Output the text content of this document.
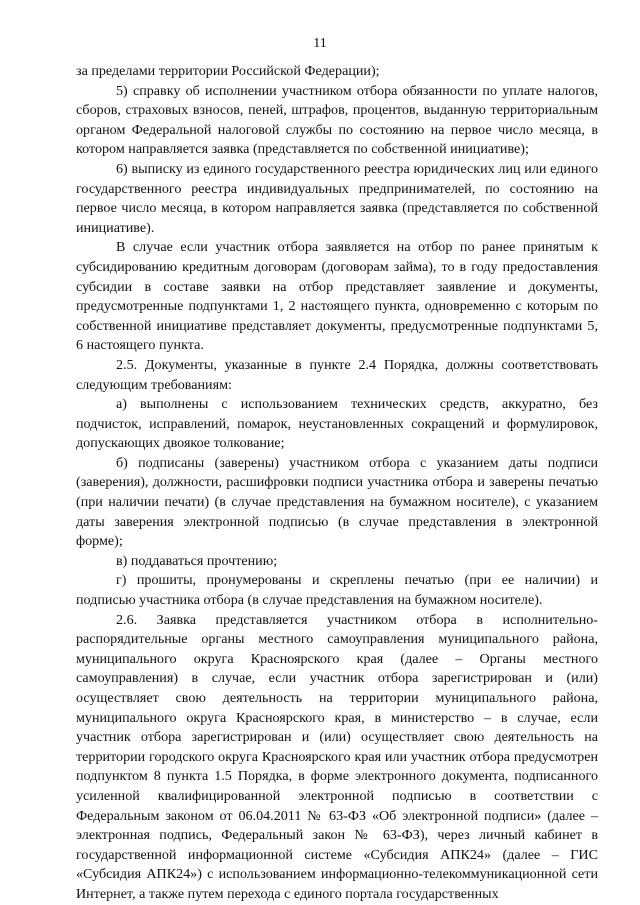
11

за пределами территории Российской Федерации);

5) справку об исполнении участником отбора обязанности по уплате налогов, сборов, страховых взносов, пеней, штрафов, процентов, выданную территориальным органом Федеральной налоговой службы по состоянию на первое число месяца, в котором направляется заявка (представляется по собственной инициативе);

6) выписку из единого государственного реестра юридических лиц или единого государственного реестра индивидуальных предпринимателей, по состоянию на первое число месяца, в котором направляется заявка (представляется по собственной инициативе).

В случае если участник отбора заявляется на отбор по ранее принятым к субсидированию кредитным договорам (договорам займа), то в году предоставления субсидии в составе заявки на отбор представляет заявление и документы, предусмотренные подпунктами 1, 2 настоящего пункта, одновременно с которым по собственной инициативе представляет документы, предусмотренные подпунктами 5, 6 настоящего пункта.

2.5. Документы, указанные в пункте 2.4 Порядка, должны соответствовать следующим требованиям:

а) выполнены с использованием технических средств, аккуратно, без подчисток, исправлений, помарок, неустановленных сокращений и формулировок, допускающих двоякое толкование;

б) подписаны (заверены) участником отбора с указанием даты подписи (заверения), должности, расшифровки подписи участника отбора и заверены печатью (при наличии печати) (в случае представления на бумажном носителе), с указанием даты заверения электронной подписью (в случае представления в электронной форме);

в) поддаваться прочтению;

г) прошиты, пронумерованы и скреплены печатью (при ее наличии) и подписью участника отбора (в случае представления на бумажном носителе).

2.6. Заявка представляется участником отбора в исполнительно-распорядительные органы местного самоуправления муниципального района, муниципального округа Красноярского края (далее – Органы местного самоуправления) в случае, если участник отбора зарегистрирован и (или) осуществляет свою деятельность на территории муниципального района, муниципального округа Красноярского края, в министерство – в случае, если участник отбора зарегистрирован и (или) осуществляет свою деятельность на территории городского округа Красноярского края или участник отбора предусмотрен подпунктом 8 пункта 1.5 Порядка, в форме электронного документа, подписанного усиленной квалифицированной электронной подписью в соответствии с Федеральным законом от 06.04.2011 № 63-ФЗ «Об электронной подписи» (далее – электронная подпись, Федеральный закон № 63-ФЗ), через личный кабинет в государственной информационной системе «Субсидия АПК24» (далее – ГИС «Субсидия АПК24») с использованием информационно-телекоммуникационной сети Интернет, а также путем перехода с единого портала государственных
